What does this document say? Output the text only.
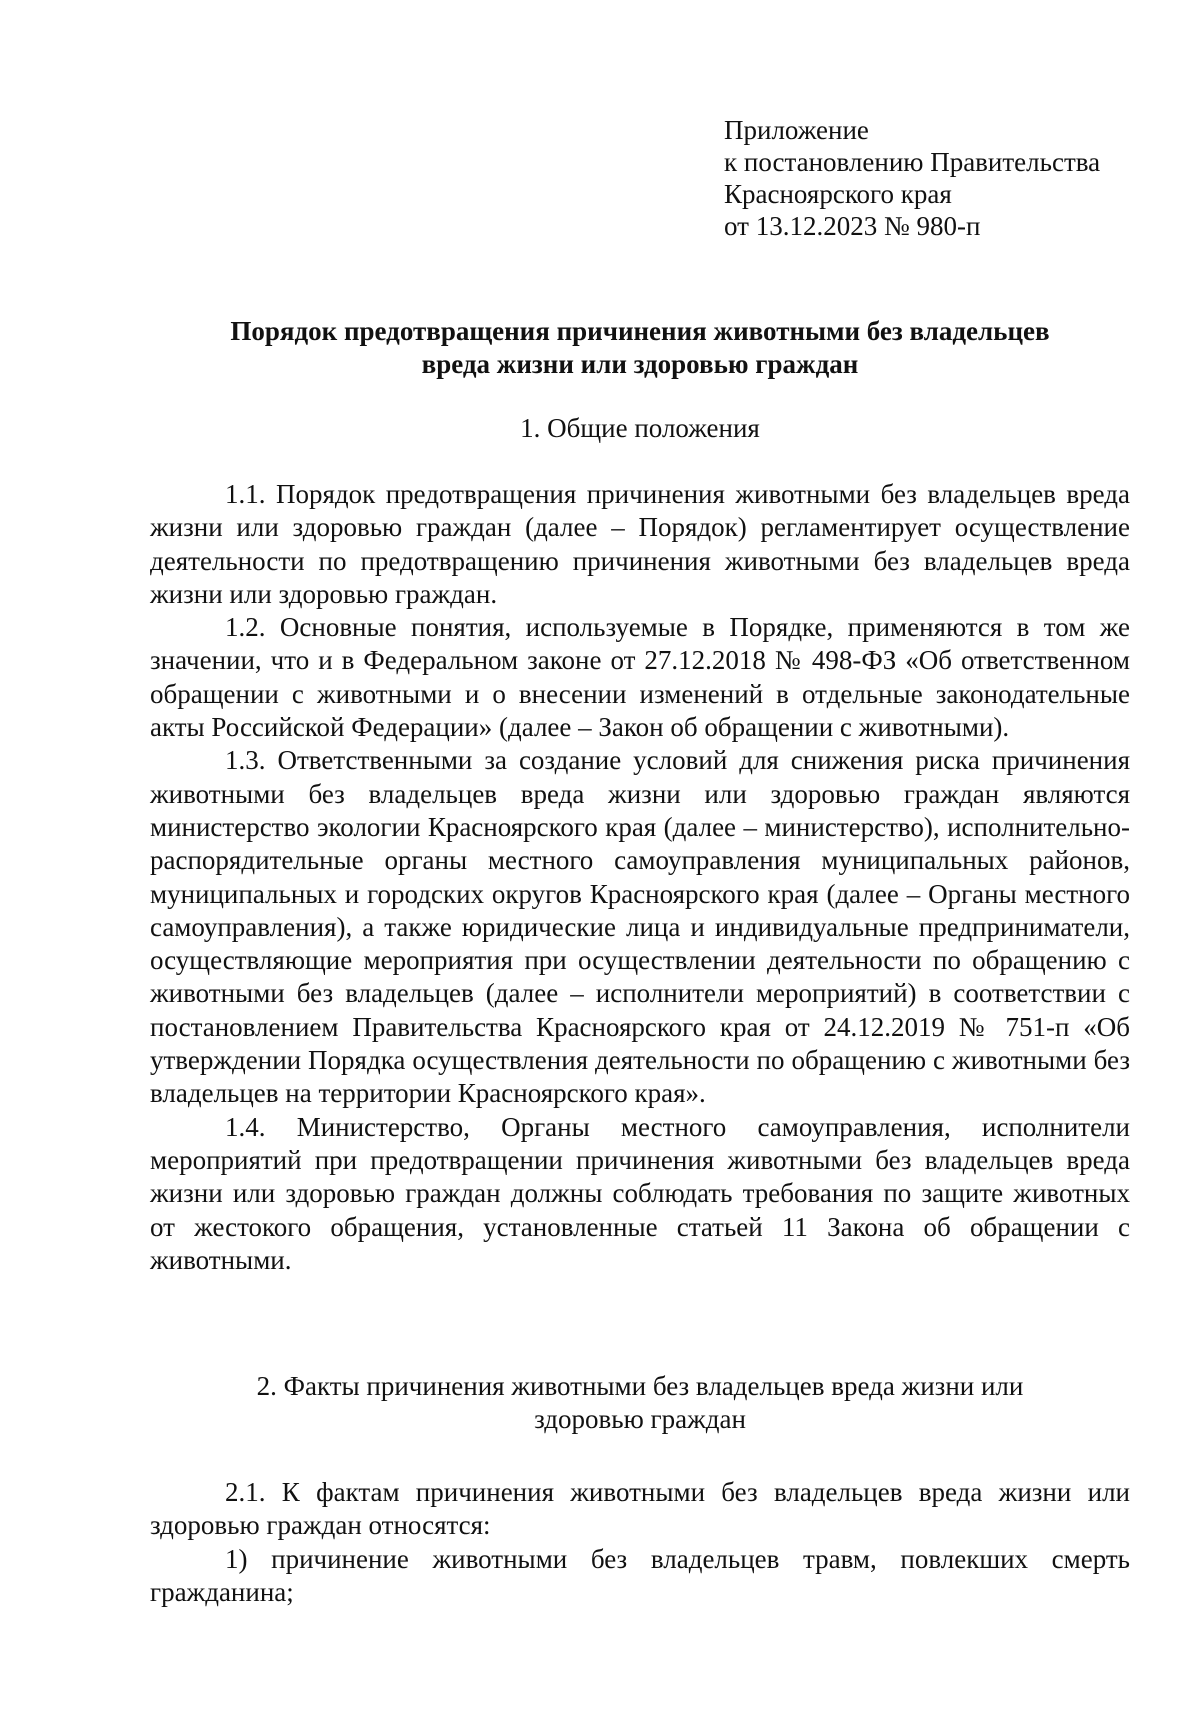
Приложение
к постановлению Правительства
Красноярского края
от 13.12.2023 № 980-п
Порядок предотвращения причинения животными без владельцев
вреда жизни или здоровью граждан
1. Общие положения

1.1. Порядок предотвращения причинения животными без владельцев вреда жизни или здоровью граждан (далее – Порядок) регламентирует осуществление деятельности по предотвращению причинения животными без владельцев вреда жизни или здоровью граждан.

1.2. Основные понятия, используемые в Порядке, применяются в том же значении, что и в Федеральном законе от 27.12.2018 № 498-ФЗ «Об ответственном обращении с животными и о внесении изменений в отдельные законодательные акты Российской Федерации» (далее – Закон об обращении с животными).

1.3. Ответственными за создание условий для снижения риска причинения животными без владельцев вреда жизни или здоровью граждан являются министерство экологии Красноярского края (далее – министерство), исполнительно-распорядительные органы местного самоуправления муниципальных районов, муниципальных и городских округов Красноярского края (далее – Органы местного самоуправления), а также юридические лица и индивидуальные предприниматели, осуществляющие мероприятия при осуществлении деятельности по обращению с животными без владельцев (далее – исполнители мероприятий) в соответствии с постановлением Правительства Красноярского края от 24.12.2019 № 751-п «Об утверждении Порядка осуществления деятельности по обращению с животными без владельцев на территории Красноярского края».

1.4. Министерство, Органы местного самоуправления, исполнители мероприятий при предотвращении причинения животными без владельцев вреда жизни или здоровью граждан должны соблюдать требования по защите животных от жестокого обращения, установленные статьей 11 Закона об обращении с животными.

2. Факты причинения животными без владельцев вреда жизни или
здоровью граждан

2.1. К фактам причинения животными без владельцев вреда жизни или здоровью граждан относятся:

1) причинение животными без владельцев травм, повлекших смерть гражданина;
